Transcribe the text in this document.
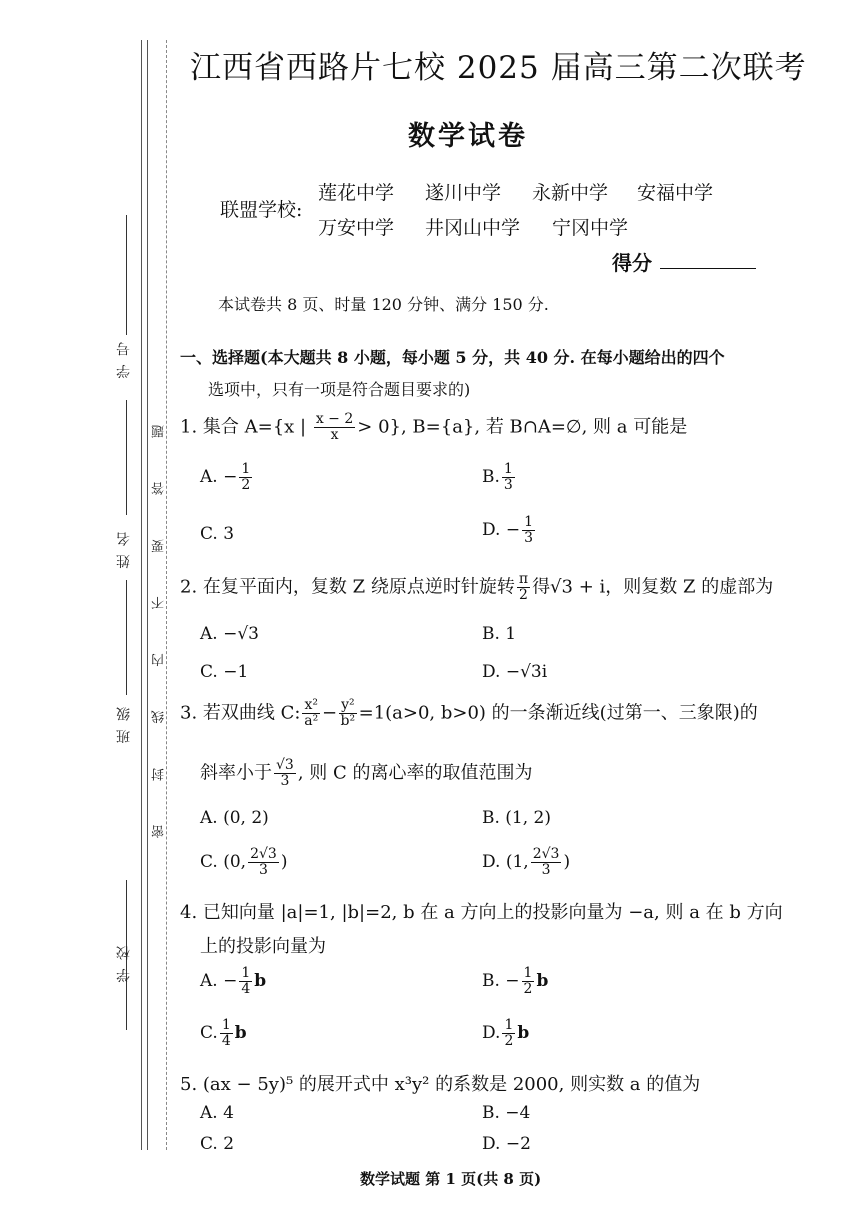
学 校
班 级
姓 名
学 号
密 封 线 内 不 要 答 题
江西省西路片七校 2025 届高三第二次联考
数学试卷
联盟学校:
莲花中学 遂川中学 永新中学 安福中学
万安中学 井冈山中学 宁冈中学
得分
本试卷共 8 页、时量 120 分钟、满分 150 分.
一、选择题(本大题共 8 小题，每小题 5 分，共 40 分. 在每小题给出的四个
选项中，只有一项是符合题目要求的)
1. 集合 A={x | $\frac{x - 2}{x} > 0$}, B={a}, 若 B∩A=∅, 则 a 可能是
A. − $\frac{1}{2}$	B. $\frac{1}{3}$
C. 3	D. − $\frac{1}{3}$
2. 在复平面内，复数 Z 绕原点逆时针旋转 $\frac{\pi}{2}$ 得√3 + i，则复数 Z 的虚部为
A. −√3	B. 1
C. −1	D. −√3i
3. 若双曲线 C: $\frac{\text{x²}}{\text{a²}} - \frac{\text{y²}}{\text{b²}} =1(a>0$, b>0) 的一条渐近线(过第一、三象限)的
斜率小于 $\frac{√3}{3}$ , 则 C 的离心率的取值范围为
A. (0, 2)	B. (1, 2)
C. (0, $\frac{2√3}{3}$ )	D. (1, $\frac{2√3}{3}$ )
4. 已知向量 |a|=1, |b|=2, b 在 a 方向上的投影向量为 −a, 则 a 在 b 方向
上的投影向量为
A. − $\frac{1}{4}$ b	B. − $\frac{1}{2}$ b
C. $\frac{1}{4}$ b	D. $\frac{1}{2}$ b
5. (ax − 5y)⁵ 的展开式中 x³y² 的系数是 2000, 则实数 a 的值为
A. 4	B. −4
C. 2	D. −2
数学试题 第 1 页(共 8 页)
